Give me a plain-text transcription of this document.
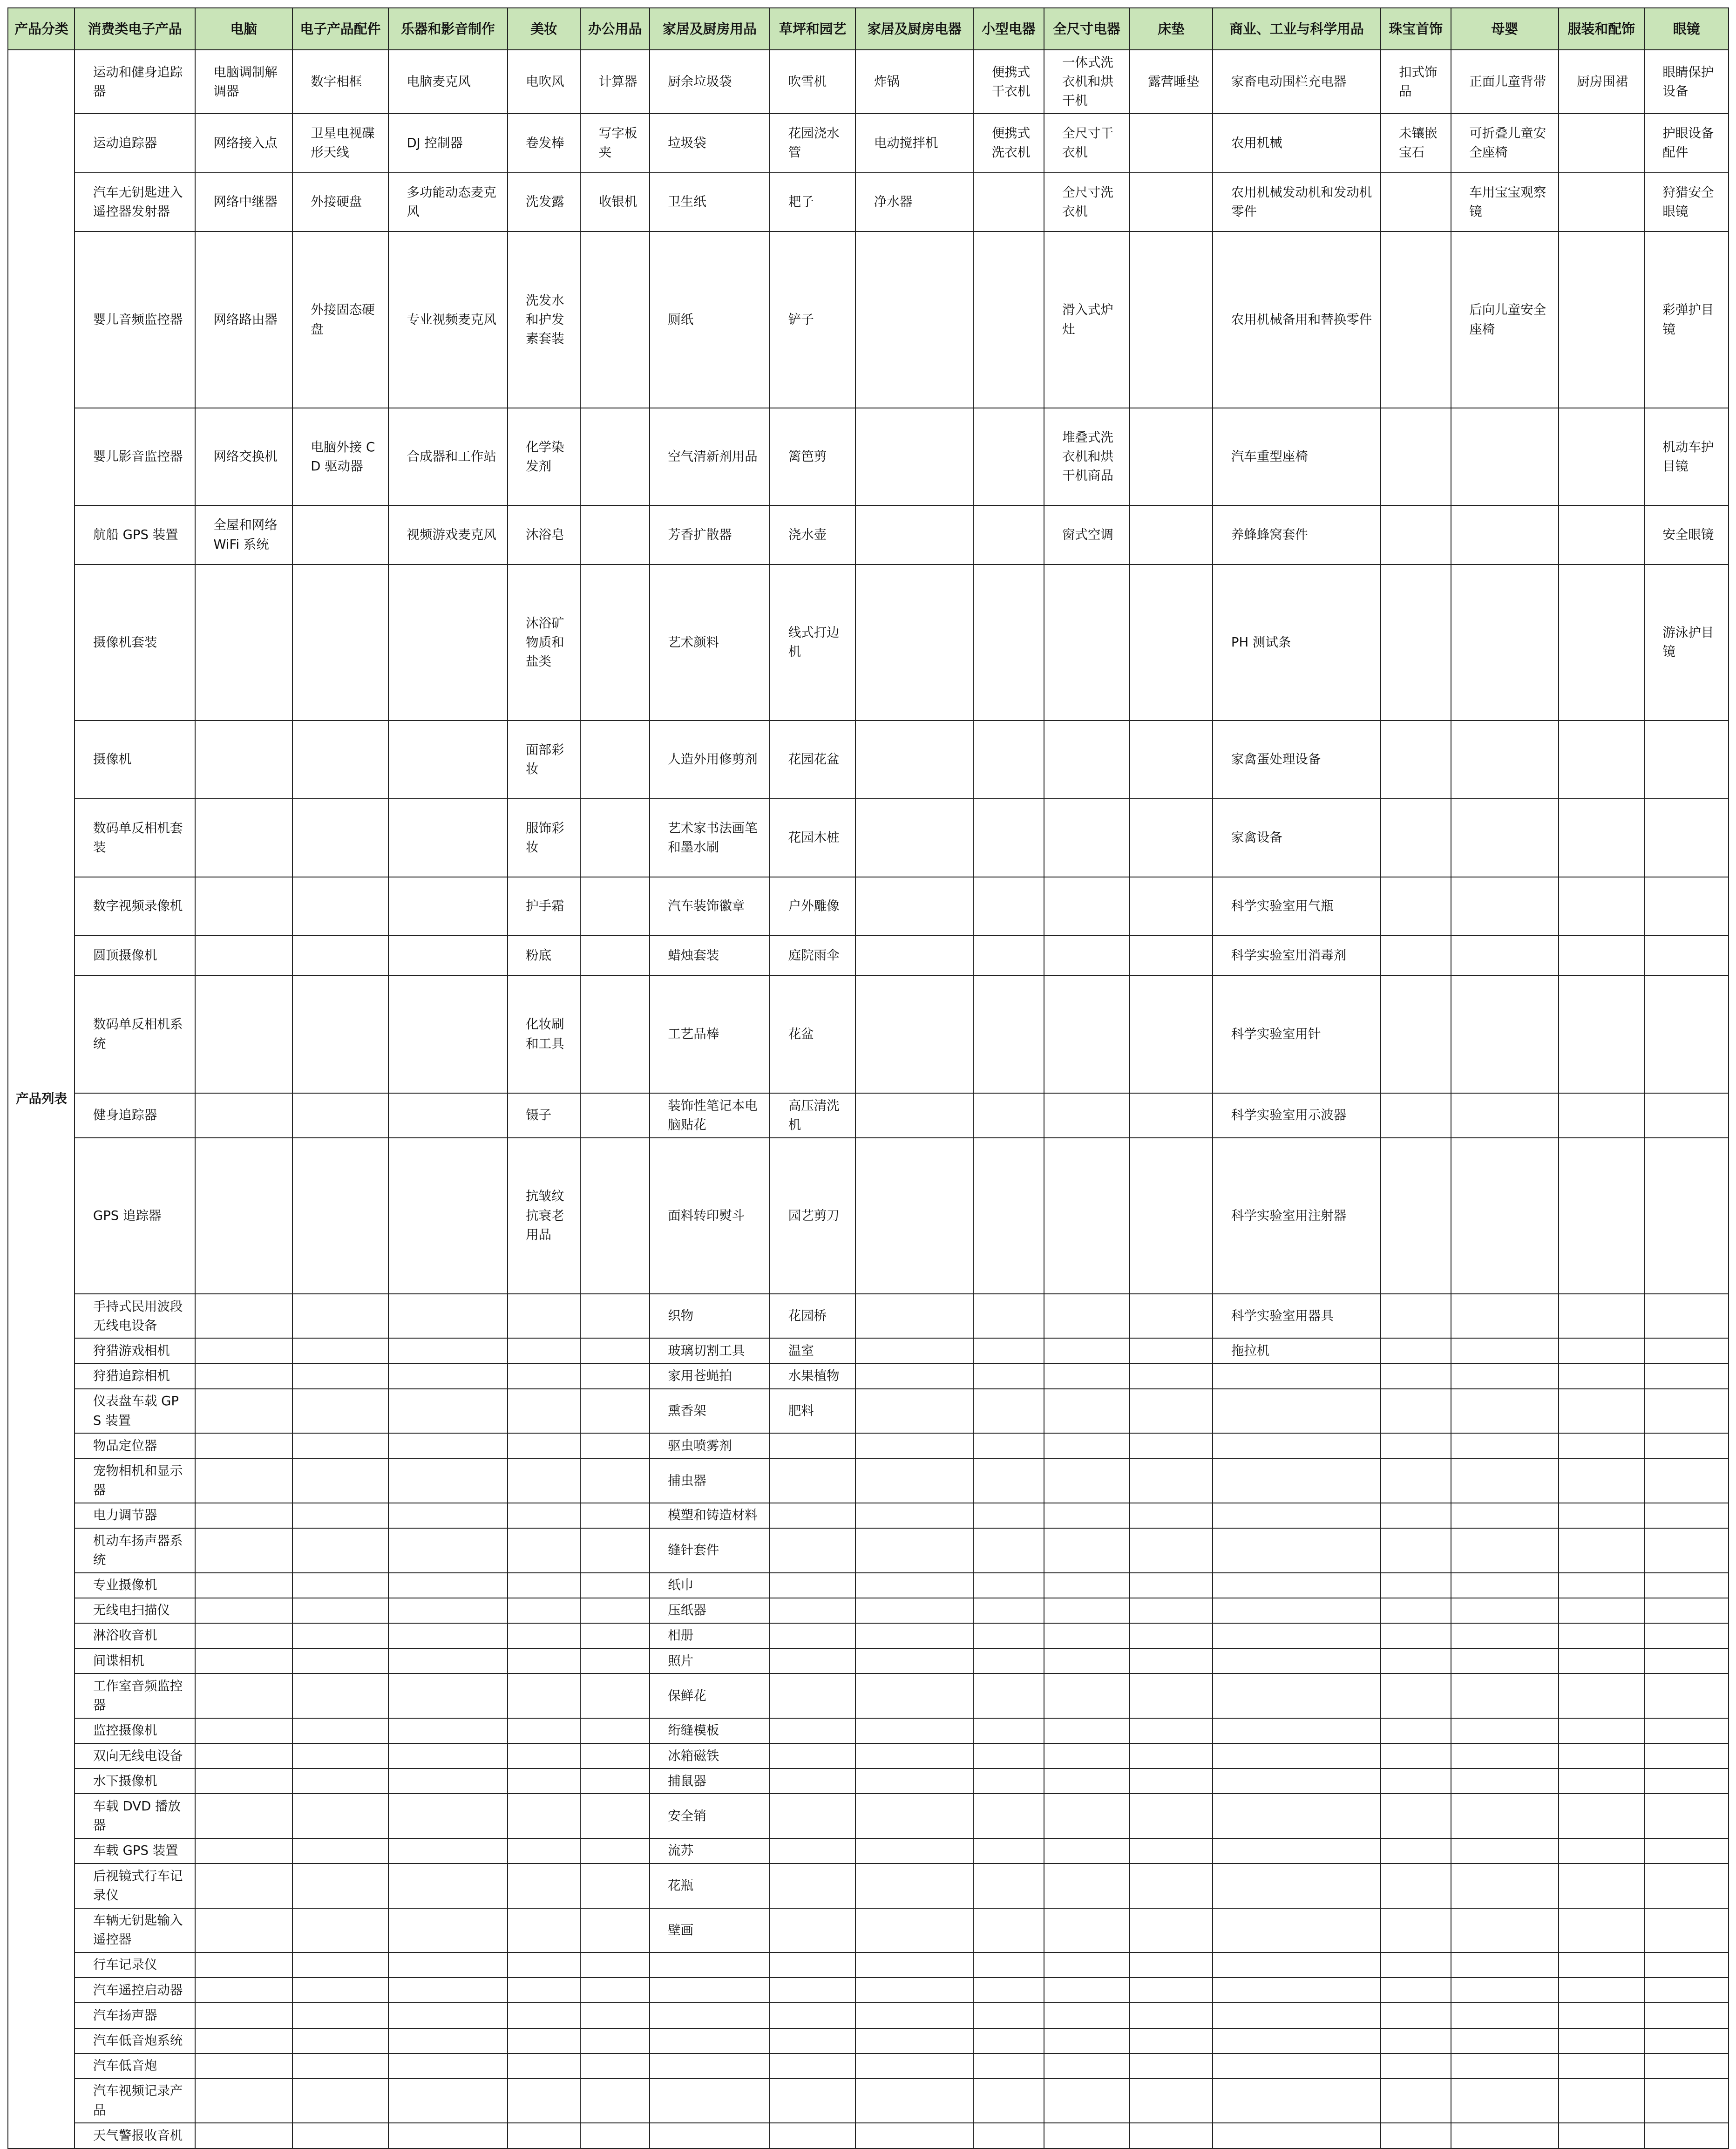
产品分类	消费类电子产品	电脑	电子产品配件	乐器和影音制作	美妆	办公用品	家居及厨房用品	草坪和园艺	家居及厨房电器	小型电器	全尺寸电器	床垫	商业、工业与科学用品	珠宝首饰	母婴	服装和配饰	眼镜
产品列表	运动和健身追踪器	电脑调制解调器	数字相框	电脑麦克风	电吹风	计算器	厨余垃圾袋	吹雪机	炸锅	便携式干衣机	一体式洗衣机和烘干机	露营睡垫	家畜电动围栏充电器	扣式饰品	正面儿童背带	厨房围裙	眼睛保护设备
	运动追踪器	网络接入点	卫星电视碟形天线	DJ 控制器	卷发棒	写字板夹	垃圾袋	花园浇水管	电动搅拌机	便携式洗衣机	全尺寸干衣机		农用机械	未镶嵌宝石	可折叠儿童安全座椅		护眼设备配件
	汽车无钥匙进入遥控器发射器	网络中继器	外接硬盘	多功能动态麦克风	洗发露	收银机	卫生纸	耙子	净水器		全尺寸洗衣机		农用机械发动机和发动机零件		车用宝宝观察镜		狩猎安全眼镜
	婴儿音频监控器	网络路由器	外接固态硬盘	专业视频麦克风	洗发水和护发素套装		厕纸	铲子			滑入式炉灶		农用机械备用和替换零件		后向儿童安全座椅		彩弹护目镜
	婴儿影音监控器	网络交换机	电脑外接 CD 驱动器	合成器和工作站	化学染发剂		空气清新剂用品	篱笆剪			堆叠式洗衣机和烘干机商品		汽车重型座椅				机动车护目镜
	航船 GPS 装置	全屋和网络 WiFi 系统		视频游戏麦克风	沐浴皂		芳香扩散器	浇水壶			窗式空调		养蜂蜂窝套件				安全眼镜
	摄像机套装				沐浴矿物质和盐类		艺术颜料	线式打边机					PH 测试条				游泳护目镜
	摄像机				面部彩妆		人造外用修剪剂	花园花盆					家禽蛋处理设备				
	数码单反相机套装				服饰彩妆		艺术家书法画笔和墨水刷	花园木桩					家禽设备				
	数字视频录像机				护手霜		汽车装饰徽章	户外雕像					科学实验室用气瓶				
	圆顶摄像机				粉底		蜡烛套装	庭院雨伞					科学实验室用消毒剂				
	数码单反相机系统				化妆刷和工具		工艺品棒	花盆					科学实验室用针				
	健身追踪器				镊子		装饰性笔记本电脑贴花	高压清洗机					科学实验室用示波器				
	GPS 追踪器				抗皱纹抗衰老用品		面料转印熨斗	园艺剪刀					科学实验室用注射器				
	手持式民用波段无线电设备						织物	花园桥					科学实验室用器具				
	狩猎游戏相机						玻璃切割工具	温室					拖拉机				
	狩猎追踪相机						家用苍蝇拍	水果植物									
	仪表盘车载 GPS 装置						熏香架	肥料									
	物品定位器						驱虫喷雾剂										
	宠物相机和显示器						捕虫器										
	电力调节器						模塑和铸造材料										
	机动车扬声器系统						缝针套件										
	专业摄像机						纸巾										
	无线电扫描仪						压纸器										
	淋浴收音机						相册										
	间谍相机						照片										
	工作室音频监控器						保鲜花										
	监控摄像机						绗缝模板										
	双向无线电设备						冰箱磁铁										
	水下摄像机						捕鼠器										
	车载 DVD 播放器						安全销										
	车载 GPS 装置						流苏										
	后视镜式行车记录仪						花瓶										
	车辆无钥匙输入遥控器						壁画										
	行车记录仪																
	汽车遥控启动器																
	汽车扬声器																
	汽车低音炮系统																
	汽车低音炮																
	汽车视频记录产品																
	天气警报收音机																
